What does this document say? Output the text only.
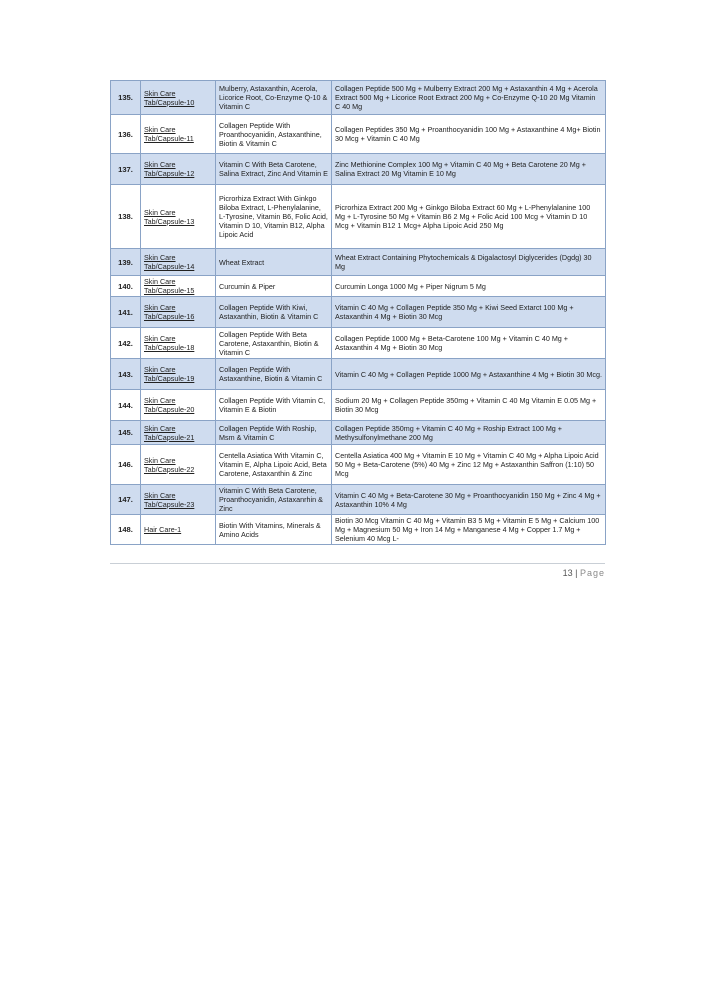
135.	Skin Care Tab/Capsule-10	Mulberry, Astaxanthin, Acerola, Licorice Root, Co-Enzyme Q-10 & Vitamin C	Collagen Peptide 500 Mg + Mulberry Extract 200 Mg + Astaxanthin 4 Mg + Acerola Extract 500 Mg + Licorice Root Extract 200 Mg + Co-Enzyme Q-10 20 Mg Vitamin C 40 Mg
136.	Skin Care Tab/Capsule-11	Collagen Peptide With Proanthocyanidin, Astaxanthine, Biotin & Vitamin C	Collagen Peptides 350 Mg + Proanthocyanidin 100 Mg + Astaxanthine 4 Mg+ Biotin 30 Mcg + Vitamin C 40 Mg
137.	Skin Care Tab/Capsule-12	Vitamin C With Beta Carotene, Salina Extract, Zinc And Vitamin E	Zinc Methionine Complex 100 Mg + Vitamin C 40 Mg + Beta Carotene 20 Mg + Salina Extract 20 Mg Vitamin E 10 Mg
138.	Skin Care Tab/Capsule-13	Picrorhiza Extract With Ginkgo Biloba Extract, L-Phenylalanine, L-Tyrosine, Vitamin B6, Folic Acid, Vitamin D 10, Vitamin B12, Alpha Lipoic Acid	Picrorhiza Extract 200 Mg + Ginkgo Biloba Extract 60 Mg + L-Phenylalanine 100 Mg + L-Tyrosine 50 Mg + Vitamin B6 2 Mg + Folic Acid 100 Mcg + Vitamin D 10 Mcg + Vitamin B12 1 Mcg+ Alpha Lipoic Acid 250 Mg
139.	Skin Care Tab/Capsule-14	Wheat Extract	Wheat Extract Containing Phytochemicals & Digalactosyl Diglycerides (Dgdg) 30 Mg
140.	Skin Care Tab/Capsule-15	Curcumin & Piper	Curcumin Longa 1000 Mg + Piper Nigrum 5 Mg
141.	Skin Care Tab/Capsule-16	Collagen Peptide With Kiwi, Astaxanthin, Biotin & Vitamin C	Vitamin C 40 Mg + Collagen Peptide 350 Mg + Kiwi Seed Extarct 100 Mg + Astaxanthin 4 Mg + Biotin 30 Mcg
142.	Skin Care Tab/Capsule-18	Collagen Peptide With Beta Carotene, Astaxanthin, Biotin & Vitamin C	Collagen Peptide 1000 Mg + Beta-Carotene 100 Mg + Vitamin C 40 Mg + Astaxanthin 4 Mg + Biotin 30 Mcg
143.	Skin Care Tab/Capsule-19	Collagen Peptide With Astaxanthine, Biotin & Vitamin C	Vitamin C 40 Mg + Collagen Peptide 1000 Mg + Astaxanthine 4 Mg + Biotin 30 Mcg.
144.	Skin Care Tab/Capsule-20	Collagen Peptide With Vitamin C, Vitamin E & Biotin	Sodium 20 Mg + Collagen Peptide 350mg + Vitamin C 40 Mg Vitamin E 0.05 Mg + Biotin 30 Mcg
145.	Skin Care Tab/Capsule-21	Collagen Peptide With Roship, Msm & Vitamin C	Collagen Peptide 350mg + Vitamin C 40 Mg + Roship Extract 100 Mg + Methysulfonylmethane 200 Mg
146.	Skin Care Tab/Capsule-22	Centella Asiatica With Vitamin C, Vitamin E, Alpha Lipoic Acid, Beta Carotene, Astaxanthin & Zinc	Centella Asiatica 400 Mg + Vitamin E 10 Mg + Vitamin C 40 Mg + Alpha Lipoic Acid 50 Mg + Beta-Carotene (5%) 40 Mg + Zinc 12 Mg + Astaxanthin Saffron (1:10) 50 Mcg
147.	Skin Care Tab/Capsule-23	Vitamin C With Beta Carotene, Proanthocyanidin, Astaxanrhin & Zinc	Vitamin C 40 Mg + Beta-Carotene 30 Mg + Proanthocyanidin 150 Mg + Zinc 4 Mg + Astaxanthin 10% 4 Mg
148.	Hair Care-1	Biotin With Vitamins, Minerals & Amino Acids	Biotin 30 Mcg Vitamin C 40 Mg + Vitamin B3 5 Mg + Vitamin E 5 Mg + Calcium 100 Mg + Magnesium 50 Mg + Iron 14 Mg + Manganese 4 Mg + Copper 1.7 Mg + Selenium 40 Mcg L-
13 | Page
